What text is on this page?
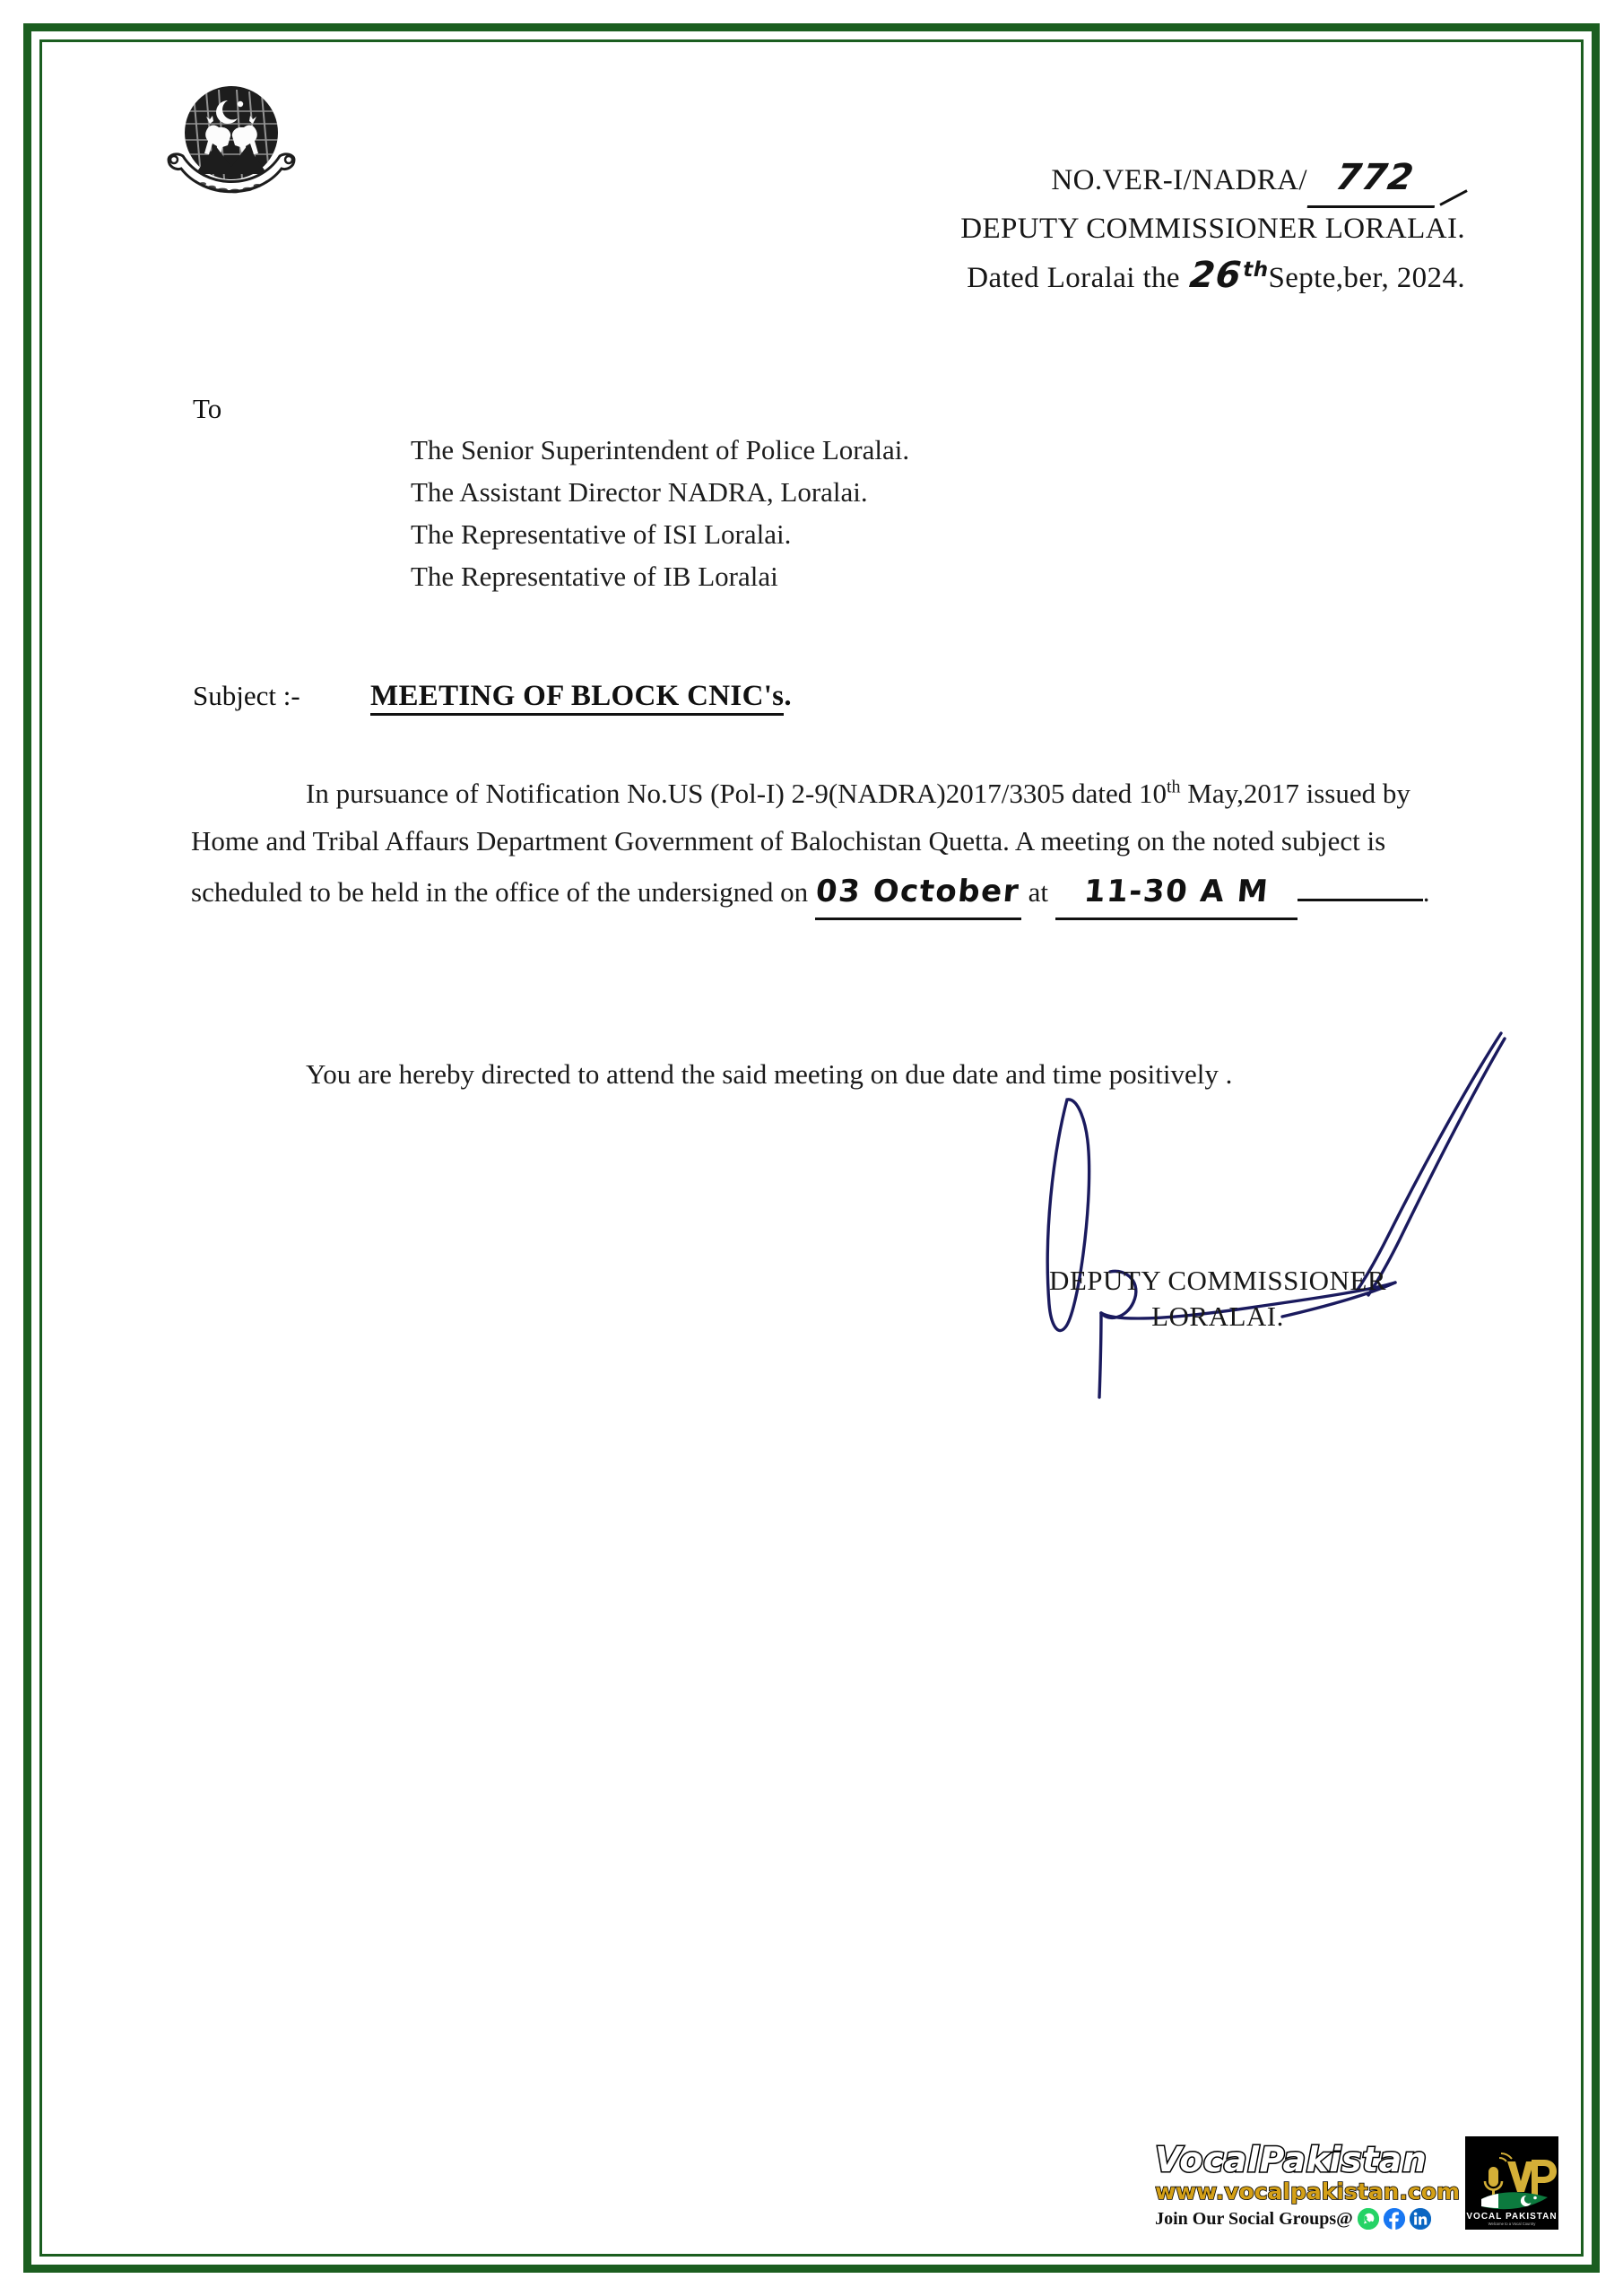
NO.VER-I/NADRA/ 772
DEPUTY COMMISSIONER LORALAI.
Dated Loralai the 26thSepte,ber, 2024.
To
The Senior Superintendent of Police Loralai.
The Assistant Director NADRA, Loralai.
The Representative of ISI Loralai.
The Representative of IB Loralai
Subject :-	MEETING OF BLOCK CNIC's.

In pursuance of Notification No.US (Pol-I) 2-9(NADRA)2017/3305 dated 10th May,2017 issued by Home and Tribal Affaurs Department Government of Balochistan Quetta. A meeting on the noted subject is scheduled to be held in the office of the undersigned on 03 October at 11-30 A M	.

You are hereby directed to attend the said meeting on due date and time positively .

DEPUTY COMMISSIONER
LORALAI.
VocalPakistan
www.vocalpakistan.com
Join Our Social Groups@	VOCAL PAKISTAN
Welcome to a Vocal Country
